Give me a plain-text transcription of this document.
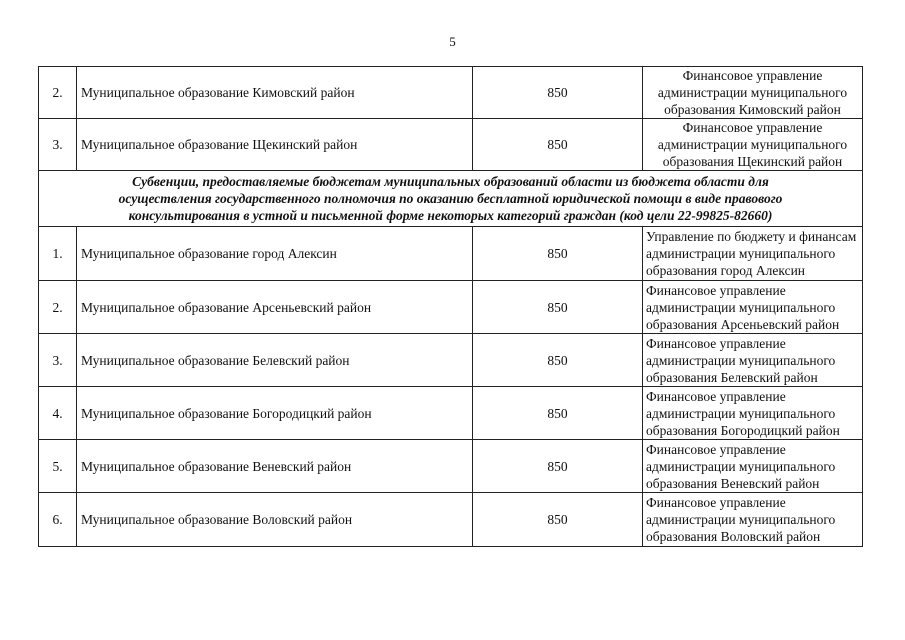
5
2.	Муниципальное образование Кимовский район	850	Финансовое управление
администрации муниципального
образования Кимовский район

3.	Муниципальное образование Щекинский район	850	Финансовое управление
администрации муниципального
образования Щекинский район

Субвенции, предоставляемые бюджетам муниципальных образований области из бюджета области для
осуществления государственного полномочия по оказанию бесплатной юридической помощи в виде правового
консультирования в устной и письменной форме некоторых категорий граждан (код цели 22-99825-82660)			

1.	Муниципальное образование город Алексин	850	Управление по бюджету и финансам
администрации муниципального
образования город Алексин

2.	Муниципальное образование Арсеньевский район	850	Финансовое управление
администрации муниципального
образования Арсеньевский район

3.	Муниципальное образование Белевский район	850	Финансовое управление
администрации муниципального
образования Белевский район

4.	Муниципальное образование Богородицкий район	850	Финансовое управление
администрации муниципального
образования Богородицкий район

5.	Муниципальное образование Веневский район	850	Финансовое управление
администрации муниципального
образования Веневский район

6.	Муниципальное образование Воловский район	850	Финансовое управление
администрации муниципального
образования Воловский район
